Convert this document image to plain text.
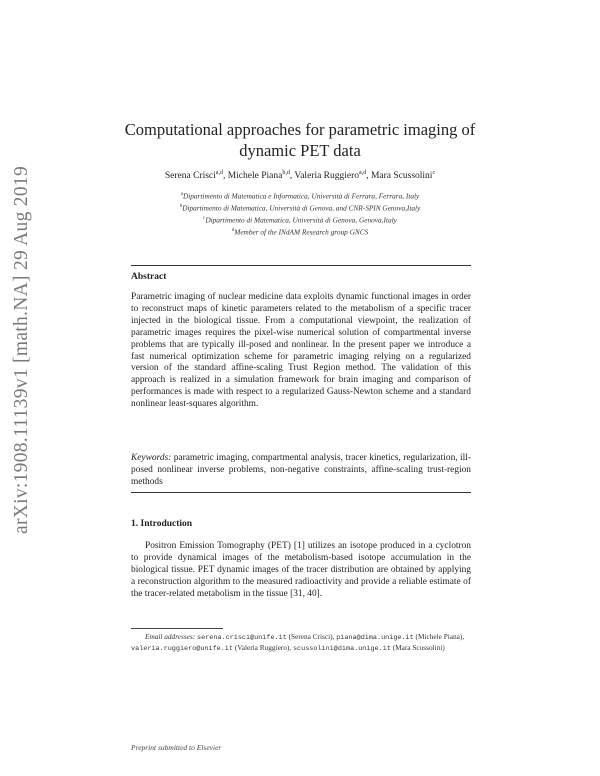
arXiv:1908.11139v1 [math.NA] 29 Aug 2019
Computational approaches for parametric imaging of dynamic PET data
Serena Crisci$^{a,d}$, Michele Piana$^{b,d}$, Valeria Ruggiero$^{a,d}$, Mara Scussolini$^c$
$^a$Dipartimento di Matematica e Informatica, Università di Ferrara, Ferrara, Italy
$^b$Dipartimento di Matematica, Università di Genova, and CNR-SPIN Genova,Italy
$^c$Dipartimento di Matematica, Università di Genova, Genova,Italy
$^d$Member of the INdAM Research group GNCS
Abstract
Parametric imaging of nuclear medicine data exploits dynamic functional images in order to reconstruct maps of kinetic parameters related to the metabolism of a specific tracer injected in the biological tissue. From a computational viewpoint, the realization of parametric images requires the pixel-wise numerical solution of compartmental inverse problems that are typically ill-posed and nonlinear. In the present paper we introduce a fast numerical optimization scheme for parametric imaging relying on a regularized version of the standard affine-scaling Trust Region method. The validation of this approach is realized in a simulation framework for brain imaging and comparison of performances is made with respect to a regularized Gauss-Newton scheme and a standard nonlinear least-squares algorithm.
Keywords: parametric imaging, compartmental analysis, tracer kinetics, regularization, ill-posed nonlinear inverse problems, non-negative constraints, affine-scaling trust-region methods
1. Introduction
Positron Emission Tomography (PET) [1] utilizes an isotope produced in a cyclotron to provide dynamical images of the metabolism-based isotope accumulation in the biological tissue. PET dynamic images of the tracer distribution are obtained by applying a reconstruction algorithm to the measured radioactivity and provide a reliable estimate of the tracer-related metabolism in the tissue [31, 40].
Email addresses: serena.crisci@unife.it (Serena Crisci), piana@dima.unige.it (Michele Piana), valeria.ruggiero@unife.it (Valeria Ruggiero), scussolini@dima.unige.it (Mara Scussolini)
Preprint submitted to Elsevier
